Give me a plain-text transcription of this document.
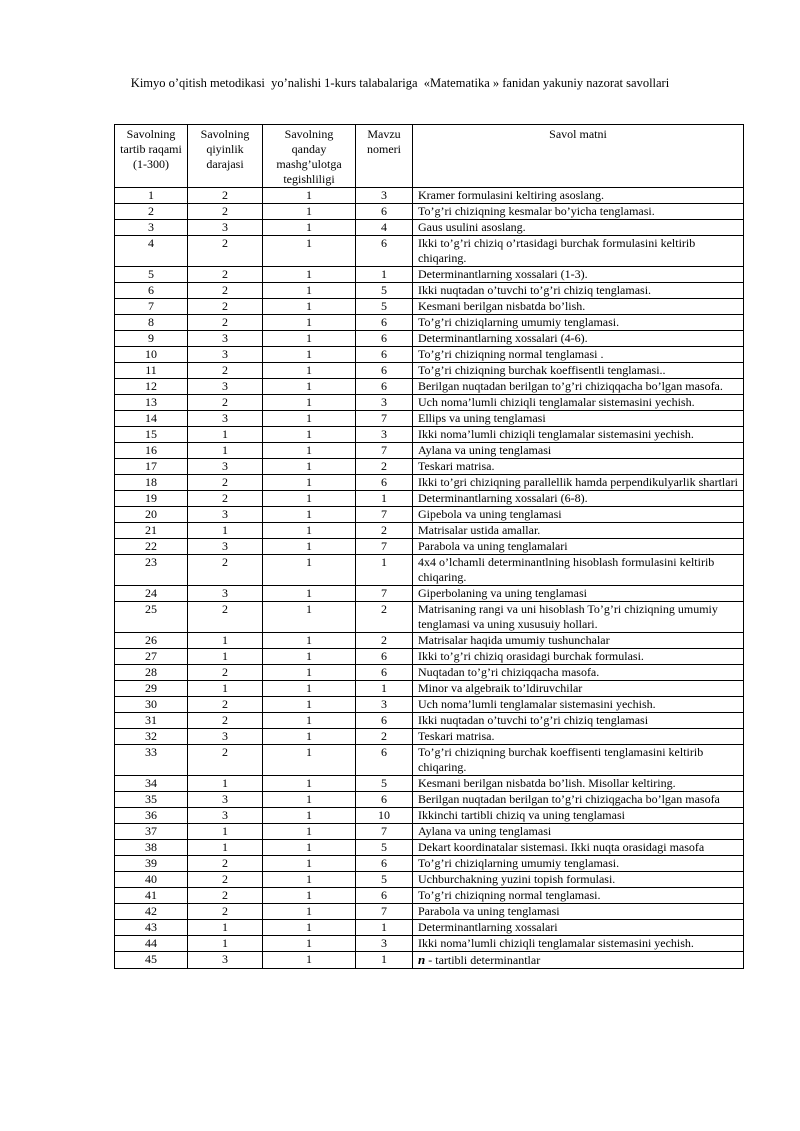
Kimyo o’qitish metodikasi  yo’nalishi 1-kurs talabalariga  «Matematika » fanidan yakuniy nazorat savollari
Savolning tartib raqami (1-300)	Savolning qiyinlik darajasi	Savolning qanday mashg’ulotga tegishliligi	Mavzu nomeri	Savol matni
1	2	1	3	Kramer formulasini keltiring asoslang.
2	2	1	6	To’g’ri chiziqning kesmalar bo’yicha tenglamasi.
3	3	1	4	Gaus usulini asoslang.
4	2	1	6	Ikki to’g’ri chiziq o’rtasidagi burchak formulasini keltirib chiqaring.
5	2	1	1	Determinantlarning xossalari (1-3).
6	2	1	5	Ikki nuqtadan o’tuvchi to’g’ri chiziq tenglamasi.
7	2	1	5	Kesmani berilgan nisbatda bo’lish.
8	2	1	6	To’g’ri chiziqlarning umumiy tenglamasi.
9	3	1	6	Determinantlarning xossalari (4-6).
10	3	1	6	To’g’ri chiziqning normal tenglamasi .
11	2	1	6	To’g’ri chiziqning burchak koeffisentli tenglamasi..
12	3	1	6	Berilgan nuqtadan berilgan to’g’ri chiziqqacha bo’lgan masofa.
13	2	1	3	Uch noma’lumli chiziqli tenglamalar sistemasini yechish.
14	3	1	7	Ellips va uning tenglamasi
15	1	1	3	Ikki noma’lumli chiziqli tenglamalar sistemasini yechish.
16	1	1	7	Aylana va uning tenglamasi
17	3	1	2	Teskari matrisa.
18	2	1	6	Ikki to’gri chiziqning parallellik hamda perpendikulyarlik shartlari
19	2	1	1	Determinantlarning xossalari (6-8).
20	3	1	7	Gipebola va uning tenglamasi
21	1	1	2	Matrisalar ustida amallar.
22	3	1	7	Parabola va uning tenglamalari
23	2	1	1	4x4 o’lchamli determinantlning hisoblash formulasini keltirib chiqaring.
24	3	1	7	Giperbolaning va uning tenglamasi
25	2	1	2	Matrisaning rangi va uni hisoblash To’g’ri chiziqning umumiy tenglamasi va uning xususuiy hollari.
26	1	1	2	Matrisalar haqida umumiy tushunchalar
27	1	1	6	Ikki to’g’ri chiziq orasidagi burchak formulasi.
28	2	1	6	Nuqtadan to’g’ri chiziqqacha masofa.
29	1	1	1	Minor va algebraik to’ldiruvchilar
30	2	1	3	Uch noma’lumli tenglamalar sistemasini yechish.
31	2	1	6	Ikki nuqtadan o’tuvchi to’g’ri chiziq tenglamasi
32	3	1	2	Teskari matrisa.
33	2	1	6	To’g’ri chiziqning burchak koeffisenti tenglamasini keltirib chiqaring.
34	1	1	5	Kesmani berilgan nisbatda bo’lish. Misollar keltiring.
35	3	1	6	Berilgan nuqtadan berilgan to’g’ri chiziqgacha bo’lgan masofa
36	3	1	10	Ikkinchi tartibli chiziq va uning tenglamasi
37	1	1	7	Aylana va uning tenglamasi
38	1	1	5	Dekart koordinatalar sistemasi. Ikki nuqta orasidagi masofa
39	2	1	6	To’g’ri chiziqlarning umumiy tenglamasi.
40	2	1	5	Uchburchakning yuzini topish formulasi.
41	2	1	6	To’g’ri chiziqning normal tenglamasi.
42	2	1	7	Parabola va uning tenglamasi
43	1	1	1	Determinantlarning xossalari
44	1	1	3	Ikki noma’lumli chiziqli tenglamalar sistemasini yechish.
45	3	1	1	n - tartibli determinantlar
